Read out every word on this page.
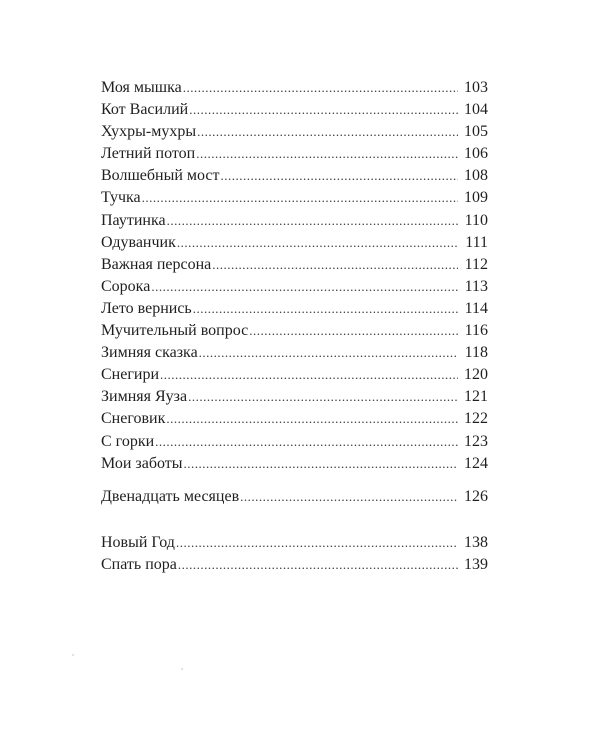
Моя мышка .....	103
Кот Василий .....	104
Хухры-мухры .....	105
Летний потоп .....	106
Волшебный мост .....	108
Тучка .....	109
Паутинка .....	110
Одуванчик .....	111
Важная персона .....	112
Сорока .....	113
Лето вернись .....	114
Мучительный вопрос .....	116
Зимняя сказка .....	118
Снегири .....	120
Зимняя Яуза .....	121
Снеговик .....	122
С горки .....	123
Мои заботы .....	124
Двенадцать месяцев .....	126
Новый Год .....	138
Спать пора .....	139
